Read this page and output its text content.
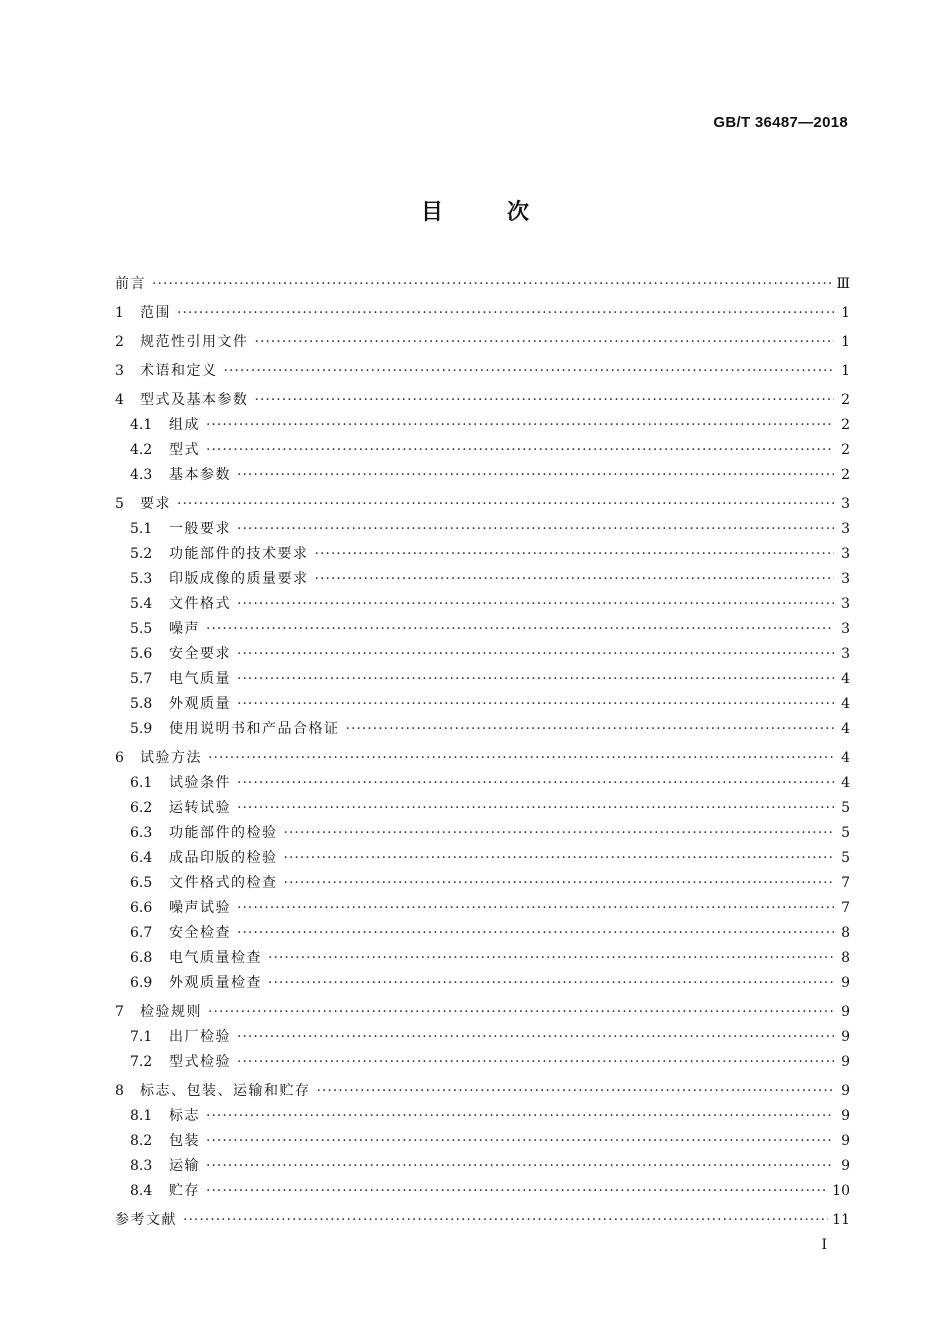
GB/T 36487—2018
目	次
前言 ·····	Ⅲ
1	范围 ·····	1
2	规范性引用文件 ·····	1
3	术语和定义 ·····	1
4	型式及基本参数 ·····	2
4.1	组成 ·····	2
4.2	型式 ·····	2
4.3	基本参数 ·····	2
5	要求 ·····	3
5.1	一般要求 ·····	3
5.2	功能部件的技术要求 ·····	3
5.3	印版成像的质量要求 ·····	3
5.4	文件格式 ·····	3
5.5	噪声 ·····	3
5.6	安全要求 ·····	3
5.7	电气质量 ·····	4
5.8	外观质量 ·····	4
5.9	使用说明书和产品合格证 ·····	4
6	试验方法 ·····	4
6.1	试验条件 ·····	4
6.2	运转试验 ·····	5
6.3	功能部件的检验 ·····	5
6.4	成品印版的检验 ·····	5
6.5	文件格式的检查 ·····	7
6.6	噪声试验 ·····	7
6.7	安全检查 ·····	8
6.8	电气质量检查 ·····	8
6.9	外观质量检查 ·····	9
7	检验规则 ·····	9
7.1	出厂检验 ·····	9
7.2	型式检验 ·····	9
8	标志、包装、运输和贮存 ·····	9
8.1	标志 ·····	9
8.2	包装 ·····	9
8.3	运输 ·····	9
8.4	贮存 ·····	10
参考文献 ·····	11
I
